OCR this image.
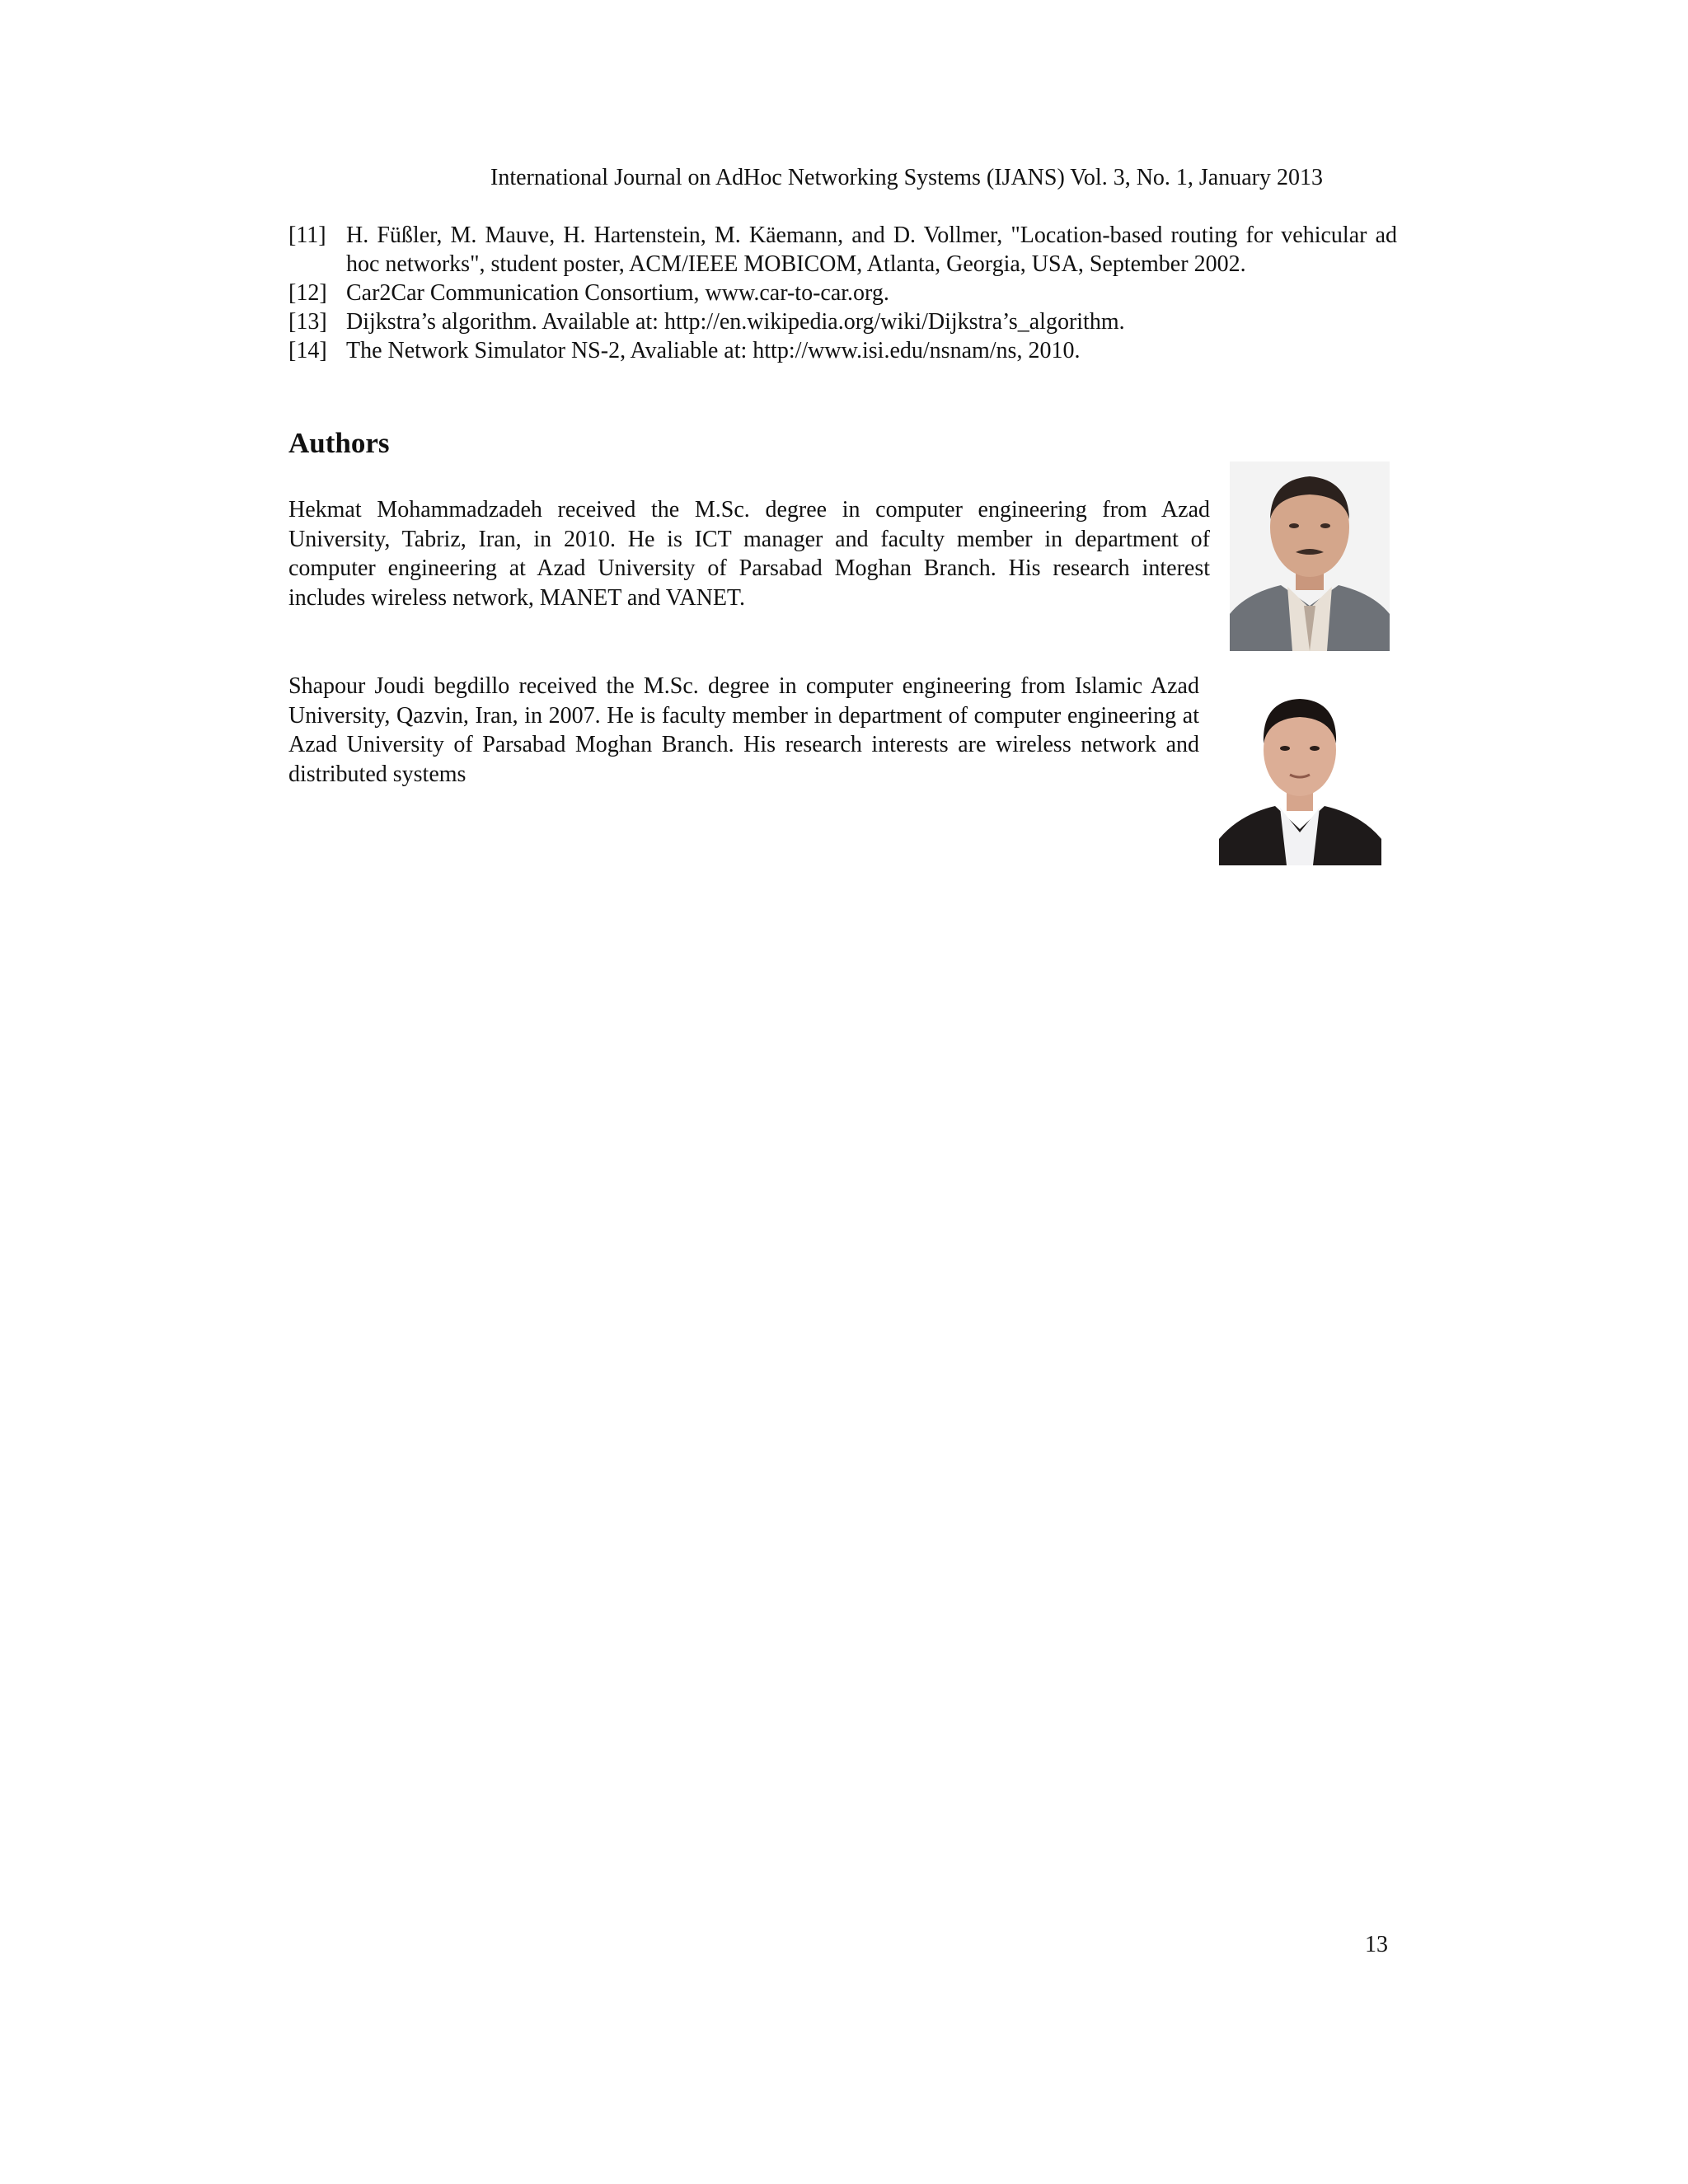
International Journal on AdHoc Networking Systems (IJANS) Vol. 3, No. 1, January 2013
[11] H. Füßler, M. Mauve, H. Hartenstein, M. Käemann, and D. Vollmer, "Location-based routing for vehicular ad hoc networks", student poster, ACM/IEEE MOBICOM, Atlanta, Georgia, USA, September 2002.
[12] Car2Car Communication Consortium, www.car-to-car.org.
[13] Dijkstra’s algorithm. Available at: http://en.wikipedia.org/wiki/Dijkstra’s_algorithm.
[14] The Network Simulator NS-2, Avaliable at: http://www.isi.edu/nsnam/ns, 2010.
Authors

Hekmat Mohammadzadeh received the M.Sc. degree in computer engineering from Azad University, Tabriz, Iran, in 2010. He is ICT manager and faculty member in department of computer engineering at Azad University of Parsabad Moghan Branch. His research interest includes wireless network, MANET and VANET.

Shapour Joudi begdillo received the M.Sc. degree in computer engineering from Islamic Azad University, Qazvin, Iran, in 2007. He is faculty member in department of computer engineering at Azad University of Parsabad Moghan Branch. His research interests are wireless network and distributed systems

13
